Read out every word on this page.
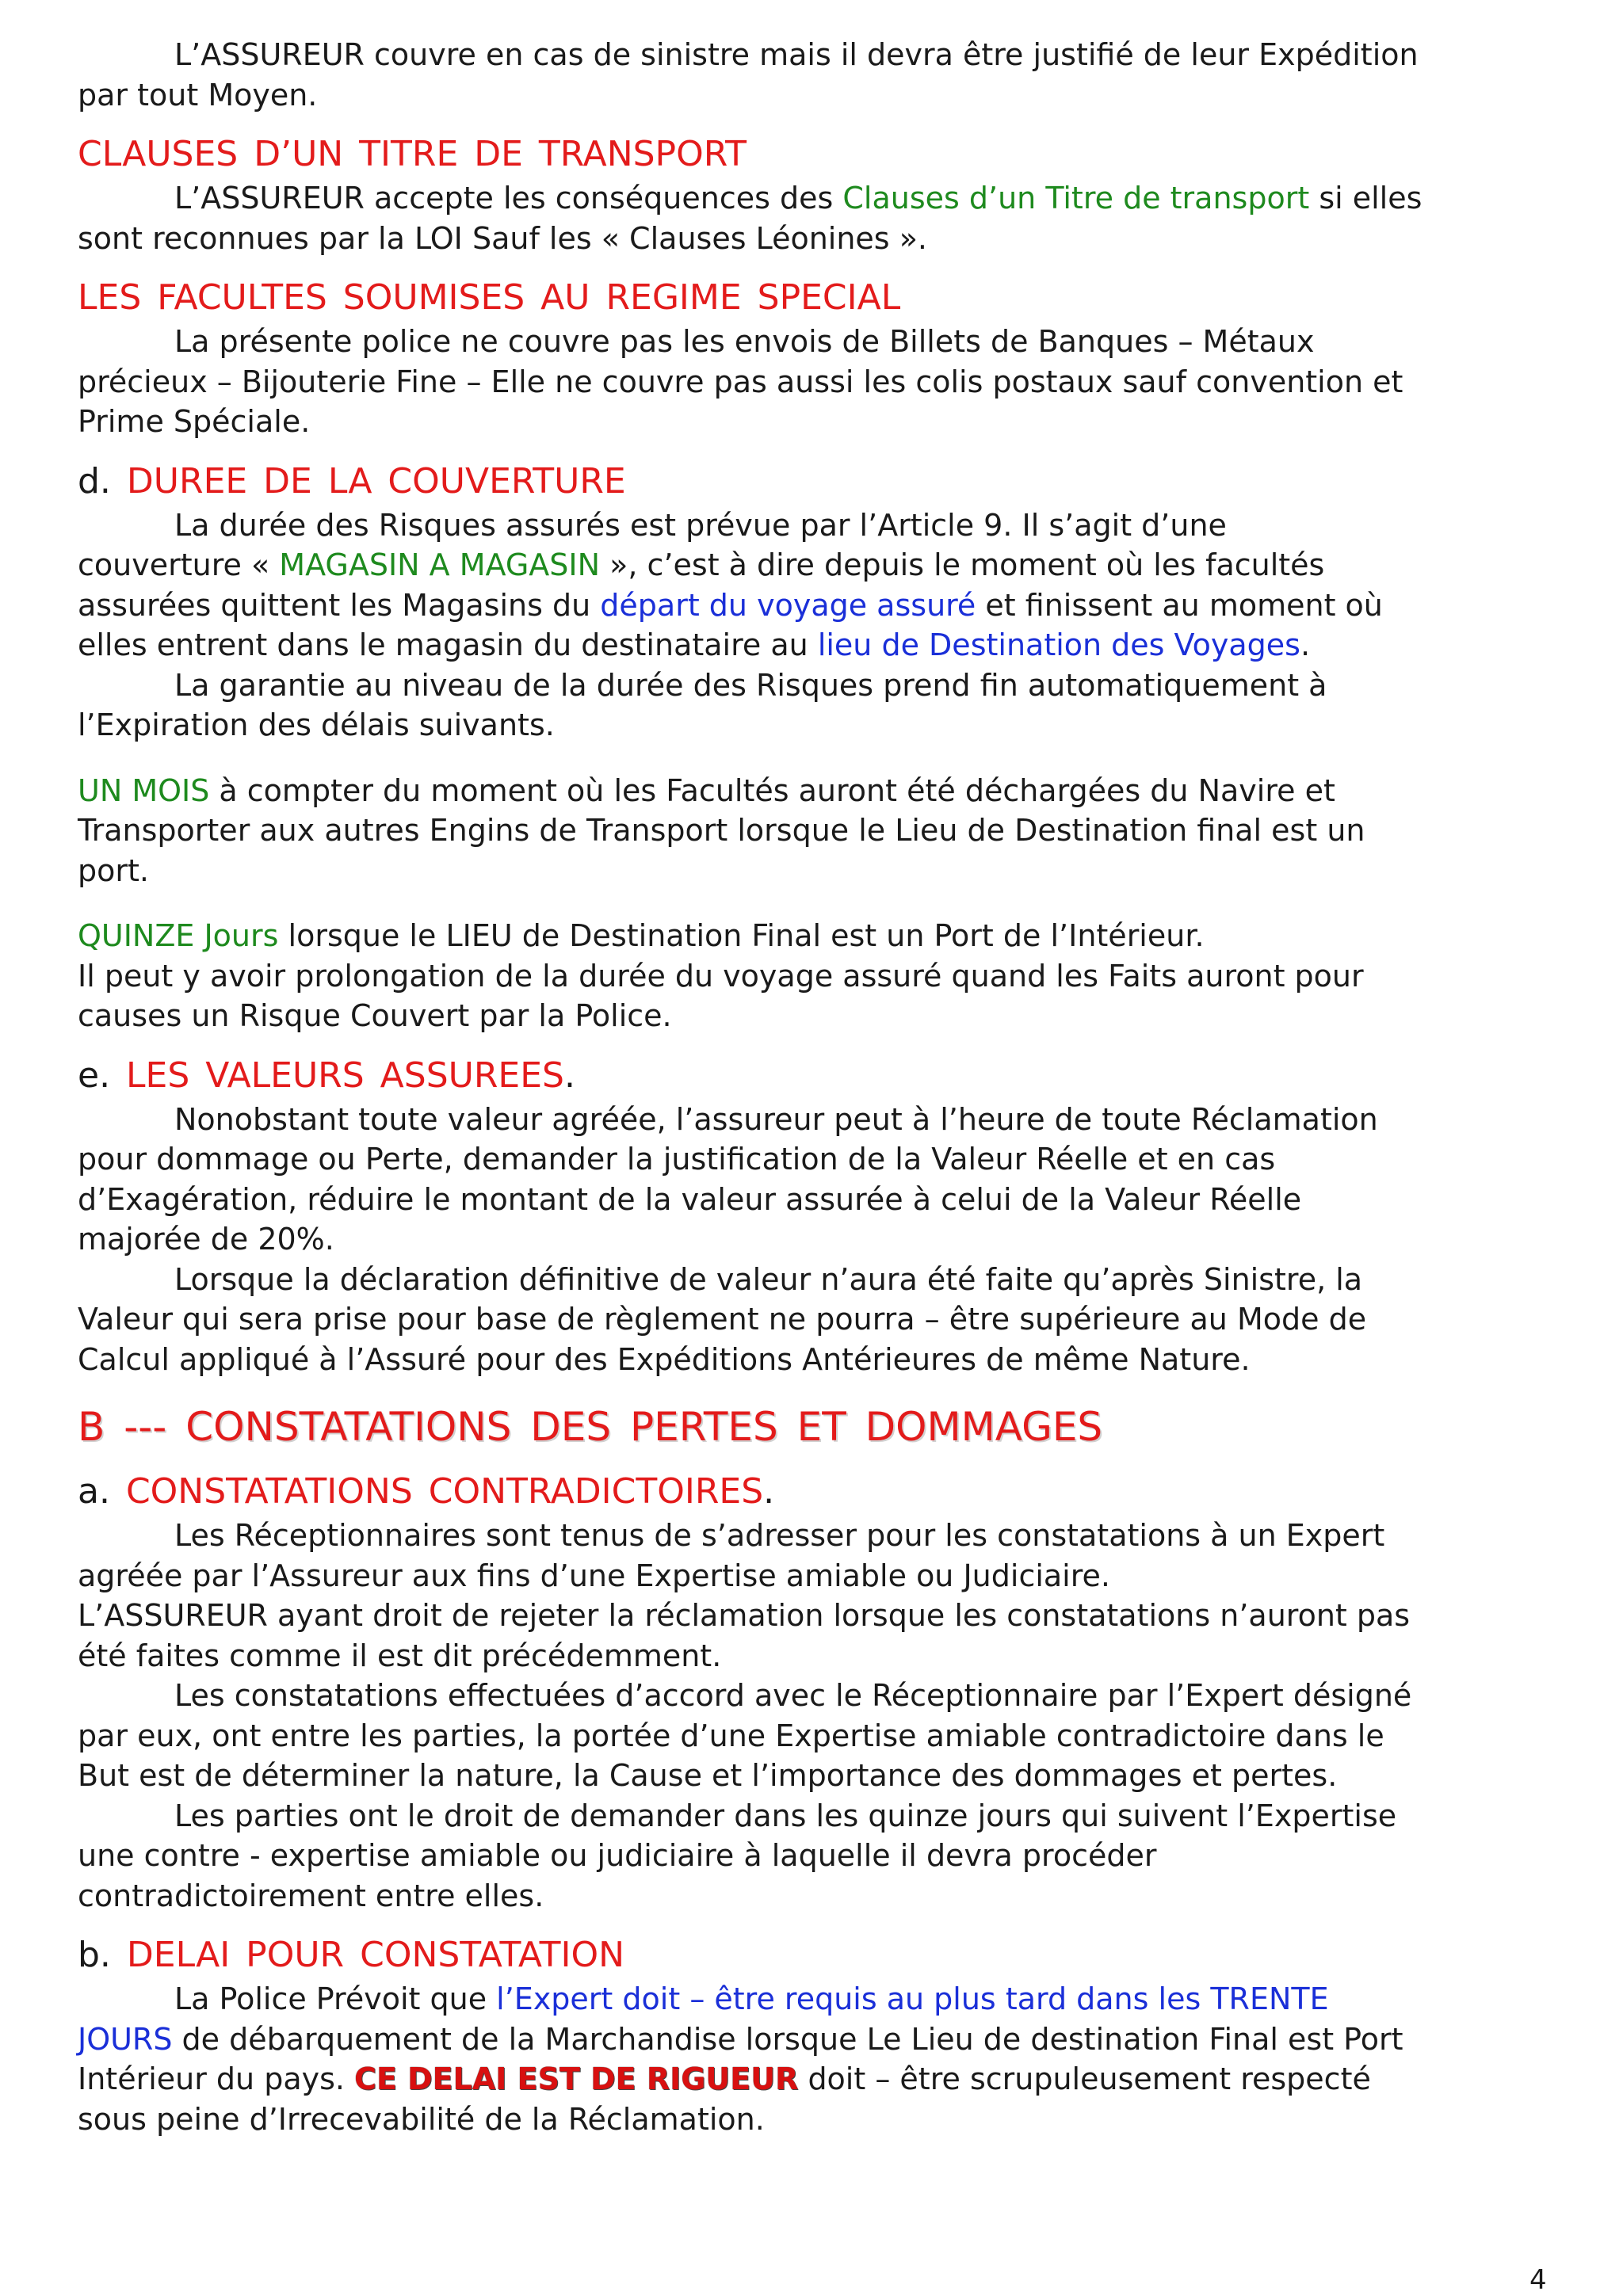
L’ASSUREUR couvre en cas de sinistre mais il devra être justifié de leur Expédition

par tout Moyen.

CLAUSES D’UN TITRE DE TRANSPORT

L’ASSUREUR accepte les conséquences des Clauses d’un Titre de transport si elles

sont reconnues par la LOI Sauf les « Clauses Léonines ».

LES FACULTES SOUMISES AU REGIME SPECIAL

La présente police ne couvre pas les envois de Billets de Banques – Métaux

précieux – Bijouterie Fine – Elle ne couvre pas aussi les colis postaux sauf convention et

Prime Spéciale.

d. DUREE DE LA COUVERTURE

La durée des Risques assurés est prévue par l’Article 9. Il s’agit d’une

couverture « MAGASIN A MAGASIN », c’est à dire depuis le moment où les facultés

assurées quittent les Magasins du départ du voyage assuré et finissent au moment où

elles entrent dans le magasin du destinataire au lieu de Destination des Voyages.

La garantie au niveau de la durée des Risques prend fin automatiquement à

l’Expiration des délais suivants.

UN MOIS à compter du moment où les Facultés auront été déchargées du Navire et

Transporter aux autres Engins de Transport lorsque le Lieu de Destination final est un

port.

QUINZE Jours lorsque le LIEU de Destination Final est un Port de l’Intérieur.

Il peut y avoir prolongation de la durée du voyage assuré quand les Faits auront pour

causes un Risque Couvert par la Police.

e. LES VALEURS ASSUREES.

Nonobstant toute valeur agréée, l’assureur peut à l’heure de toute Réclamation

pour dommage ou Perte, demander la justification de la Valeur Réelle et en cas

d’Exagération, réduire le montant de la valeur assurée à celui de la Valeur Réelle

majorée de 20%.

Lorsque la déclaration définitive de valeur n’aura été faite qu’après Sinistre, la

Valeur qui sera prise pour base de règlement ne pourra – être supérieure au Mode de

Calcul appliqué à l’Assuré pour des Expéditions Antérieures de même Nature.

B --- CONSTATATIONS DES PERTES ET DOMMAGES
a. CONSTATATIONS CONTRADICTOIRES.

Les Réceptionnaires sont tenus de s’adresser pour les constatations à un Expert

agréée par l’Assureur aux fins d’une Expertise amiable ou Judiciaire.

L’ASSUREUR ayant droit de rejeter la réclamation lorsque les constatations n’auront pas

été faites comme il est dit précédemment.

Les constatations effectuées d’accord avec le Réceptionnaire par l’Expert désigné

par eux, ont entre les parties, la portée d’une Expertise amiable contradictoire dans le

But est de déterminer la nature, la Cause et l’importance des dommages et pertes.

Les parties ont le droit de demander dans les quinze jours qui suivent l’Expertise

une contre - expertise amiable ou judiciaire à laquelle il devra procéder

contradictoirement entre elles.

b. DELAI POUR CONSTATATION

La Police Prévoit que l’Expert doit – être requis au plus tard dans les TRENTE

JOURS de débarquement de la Marchandise lorsque Le Lieu de destination Final est Port

Intérieur du pays. CE DELAI EST DE RIGUEUR doit – être scrupuleusement respecté

sous peine d’Irrecevabilité de la Réclamation.

4
